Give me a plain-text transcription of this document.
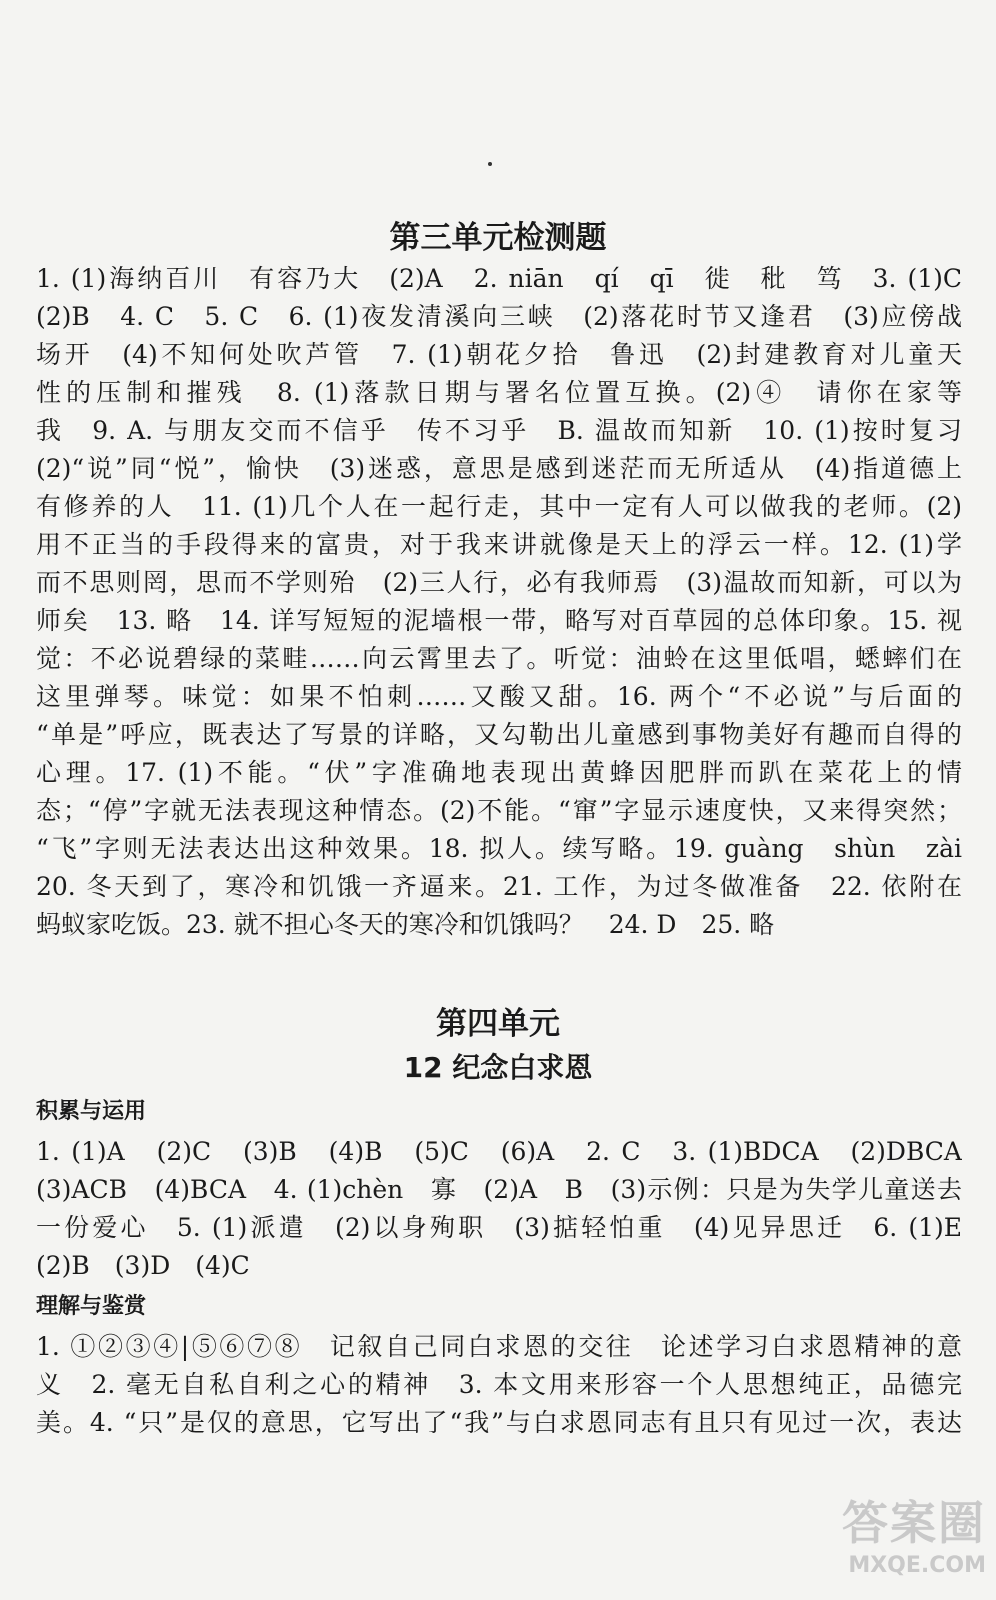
第三单元检测题
1. (1)海纳百川　有容乃大　(2)A　2. niān　qí　qī　徙　秕　笃　3. (1)C
(2)B　4. C　5. C　6. (1)夜发清溪向三峡　(2)落花时节又逢君　(3)应傍战
场开　(4)不知何处吹芦管　7. (1)朝花夕拾　鲁迅　(2)封建教育对儿童天
性的压制和摧残　8. (1)落款日期与署名位置互换。(2)④　请你在家等
我　9. A. 与朋友交而不信乎　传不习乎　B. 温故而知新　10. (1)按时复习
(2)“说”同“悦”，愉快　(3)迷惑，意思是感到迷茫而无所适从　(4)指道德上
有修养的人　11. (1)几个人在一起行走，其中一定有人可以做我的老师。(2)
用不正当的手段得来的富贵，对于我来讲就像是天上的浮云一样。12. (1)学
而不思则罔，思而不学则殆　(2)三人行，必有我师焉　(3)温故而知新，可以为
师矣　13. 略　14. 详写短短的泥墙根一带，略写对百草园的总体印象。15. 视
觉：不必说碧绿的菜畦……向云霄里去了。听觉：油蛉在这里低唱，蟋蟀们在
这里弹琴。味觉：如果不怕刺……又酸又甜。16. 两个“不必说”与后面的
“单是”呼应，既表达了写景的详略，又勾勒出儿童感到事物美好有趣而自得的
心理。17. (1)不能。“伏”字准确地表现出黄蜂因肥胖而趴在菜花上的情
态；“停”字就无法表现这种情态。(2)不能。“窜”字显示速度快，又来得突然；
“飞”字则无法表达出这种效果。18. 拟人。续写略。19. guàng　shùn　zài
20. 冬天到了，寒冷和饥饿一齐逼来。21. 工作，为过冬做准备　22. 依附在
蚂蚁家吃饭。23. 就不担心冬天的寒冷和饥饿吗？　24. D　25. 略
第四单元
12 纪念白求恩
积累与运用
1. (1)A　(2)C　(3)B　(4)B　(5)C　(6)A　2. C　3. (1)BDCA　(2)DBCA
(3)ACB　(4)BCA　4. (1)chèn　寡　(2)A　B　(3)示例：只是为失学儿童送去
一份爱心　5. (1)派遣　(2)以身殉职　(3)掂轻怕重　(4)见异思迁　6. (1)E
(2)B　(3)D　(4)C
理解与鉴赏
1. ①②③④|⑤⑥⑦⑧　记叙自己同白求恩的交往　论述学习白求恩精神的意
义　2. 毫无自私自利之心的精神　3. 本文用来形容一个人思想纯正，品德完
美。4. “只”是仅的意思，它写出了“我”与白求恩同志有且只有见过一次，表达
答案圈
MXQE.COM
